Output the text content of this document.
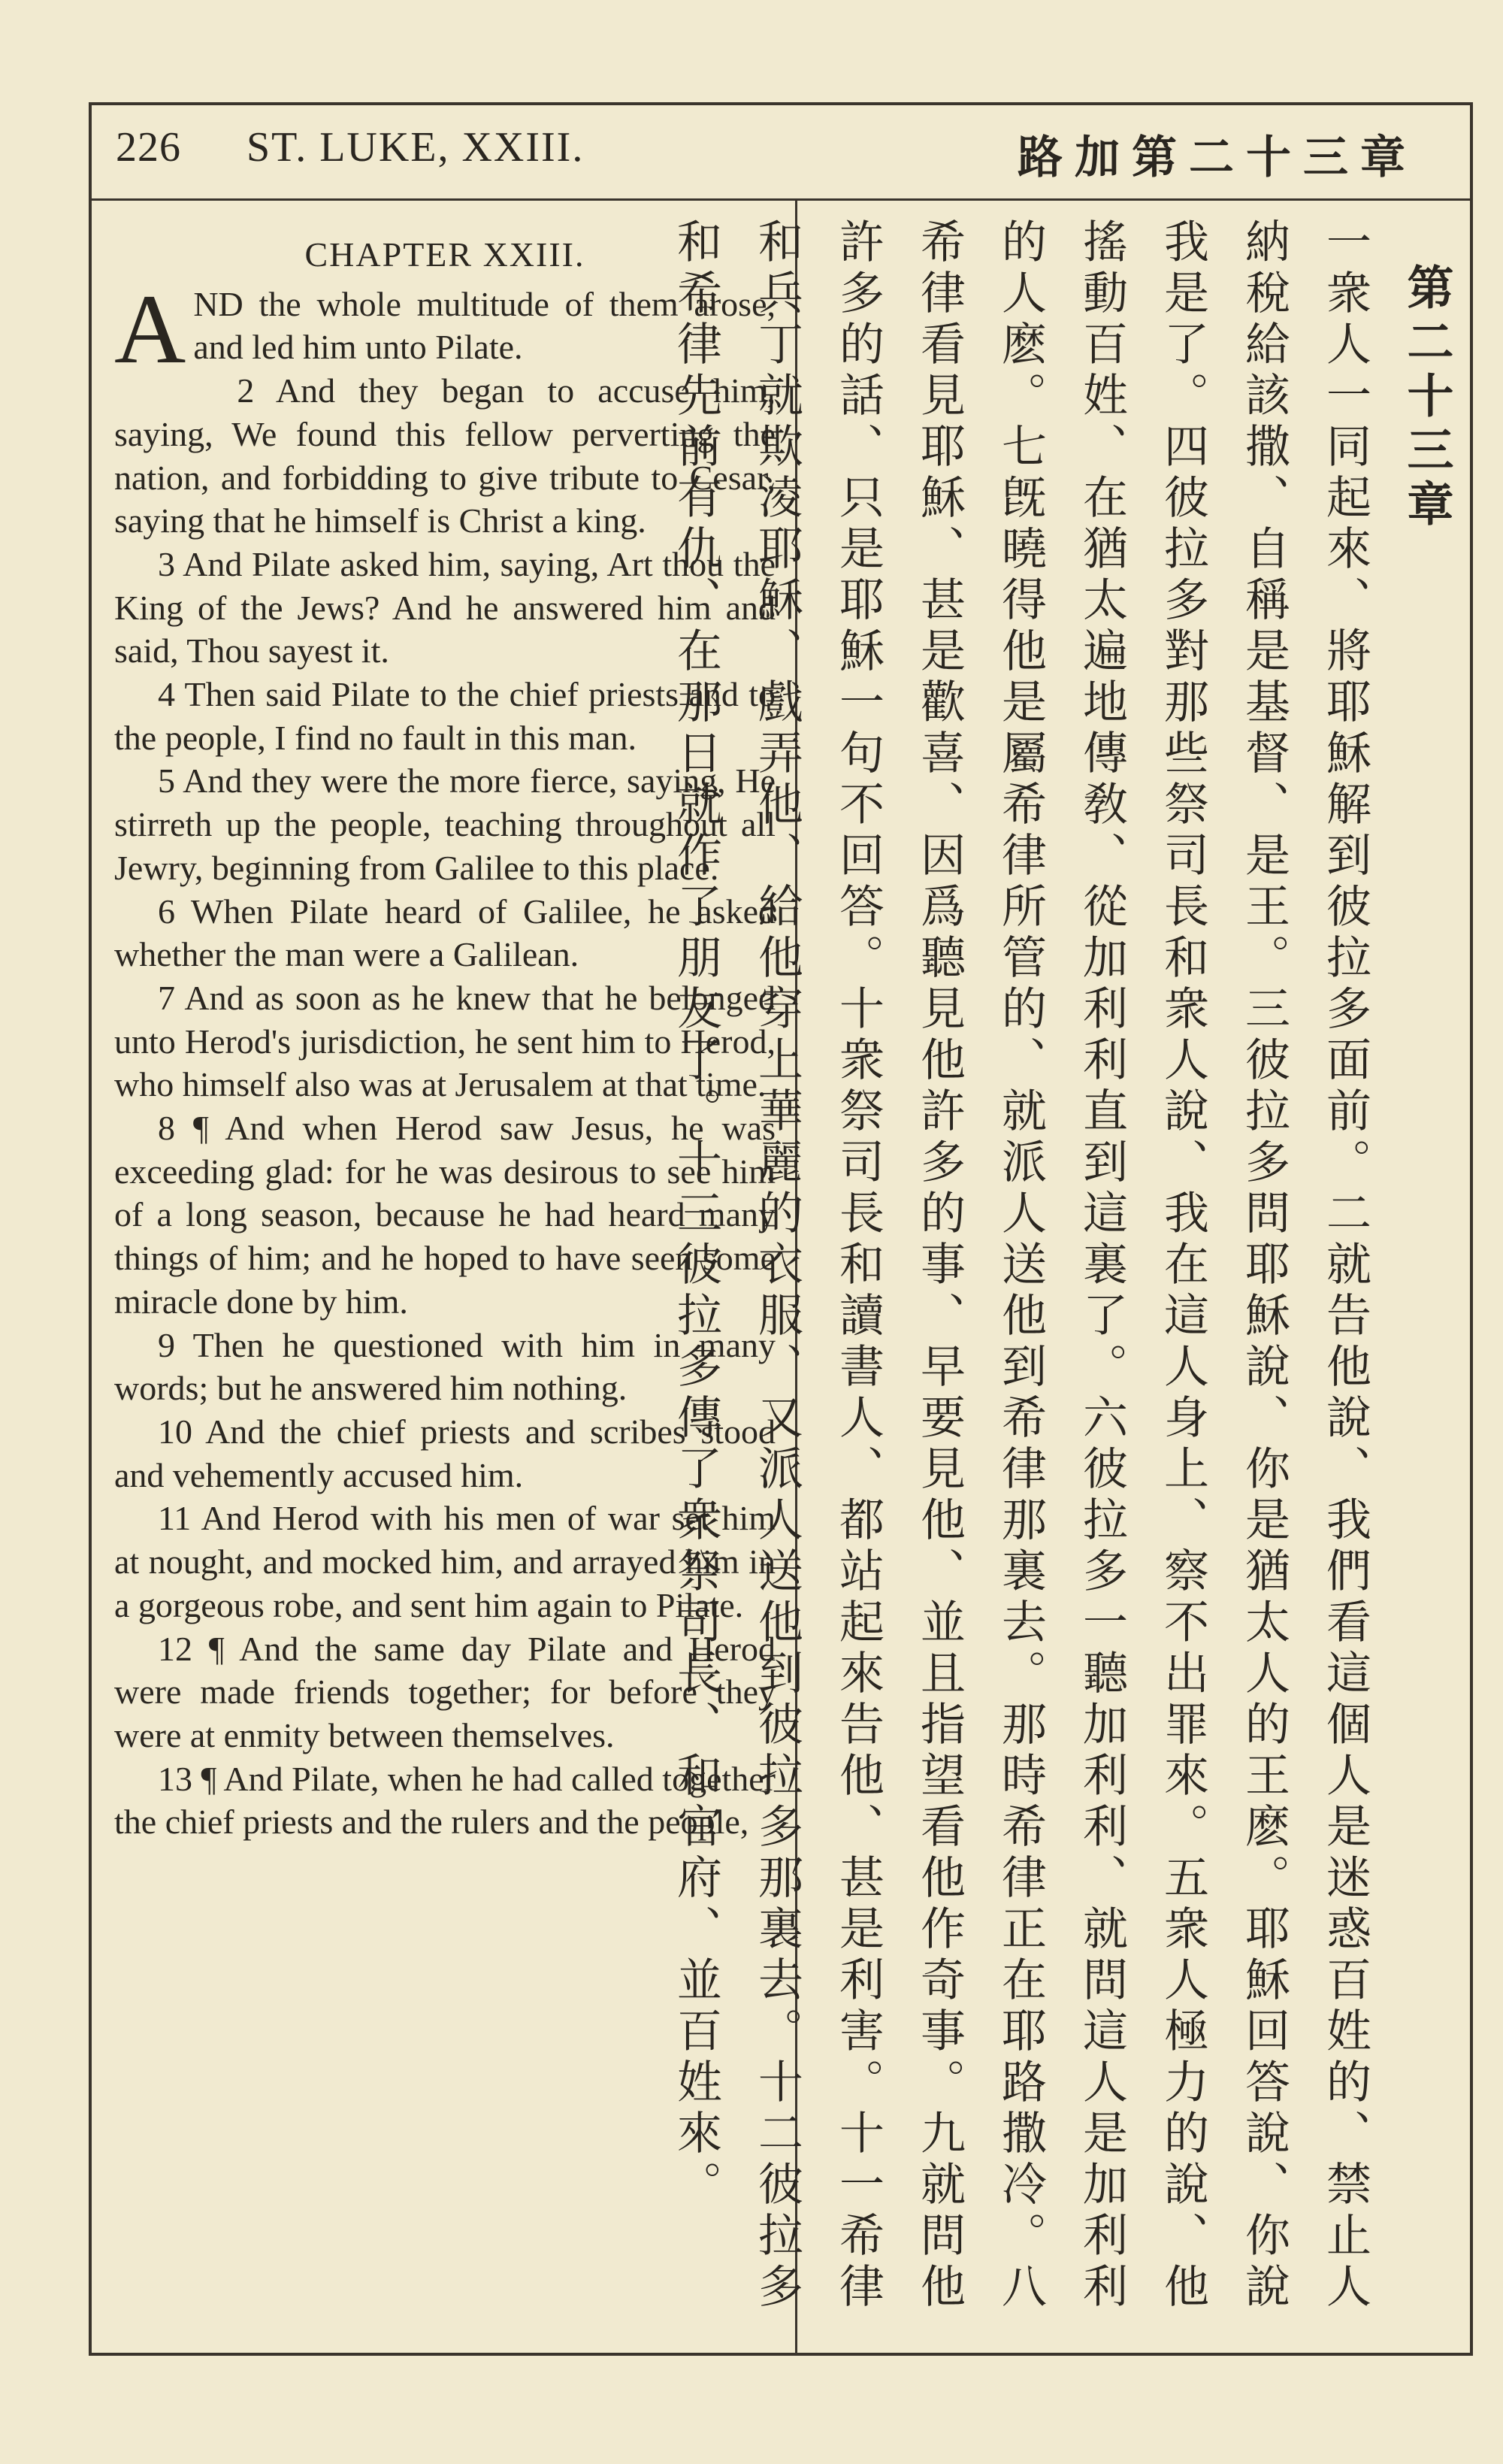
226 ST. LUKE, XXIII.	路加第二十三章

CHAPTER XXIII.

AND the whole multitude of them arose, and led him unto Pilate.

2 And they began to accuse him, saying, We found this fellow perverting the nation, and forbidding to give tribute to Cesar, saying that he himself is Christ a king.

3 And Pilate asked him, saying, Art thou the King of the Jews? And he answered him and said, Thou sayest it.

4 Then said Pilate to the chief priests and to the people, I find no fault in this man.

5 And they were the more fierce, saying, He stirreth up the people, teaching throughout all Jewry, beginning from Galilee to this place.

6 When Pilate heard of Galilee, he asked whether the man were a Galilean.

7 And as soon as he knew that he belonged unto Herod's jurisdiction, he sent him to Herod, who himself also was at Jerusalem at that time.

8 ¶ And when Herod saw Jesus, he was exceeding glad: for he was desirous to see him of a long season, because he had heard many things of him; and he hoped to have seen some miracle done by him.

9 Then he questioned with him in many words; but he answered him nothing.

10 And the chief priests and scribes stood and vehemently accused him.

11 And Herod with his men of war set him at nought, and mocked him, and arrayed him in a gorgeous robe, and sent him again to Pilate.

12 ¶ And the same day Pilate and Herod were made friends together; for before they were at enmity between themselves.

13 ¶ And Pilate, when he had called together the chief priests and the rulers and the people,

第二十三章
一衆人一同起來、將耶穌解到彼拉多面前。二就告他說、我們看這個人是迷惑百姓的、禁止人納稅給該撒、自稱是基督、是王。三彼拉多問耶穌說、你是猶太人的王麽。耶穌回答說、你說我是了。四彼拉多對那些祭司長和衆人說、我在這人身上、察不出罪來。五衆人極力的說、他搖動百姓、在猶太遍地傳敎、從加利利直到這裏了。六彼拉多一聽加利利、就問這人是加利利的人麽。七旣曉得他是屬希律所管的、就派人送他到希律那裏去。那時希律正在耶路撒冷。八希律看見耶穌、甚是歡喜、因爲聽見他許多的事、早要見他、並且指望看他作奇事。九就問他許多的話、只是耶穌一句不回答。十衆祭司長和讀書人、都站起來告他、甚是利害。十一希律和兵丁就欺淩耶穌、戲弄他、給他穿上華麗的衣服、又派人送他到彼拉多那裏去。十二彼拉多和希律先前有仇、在那日就作了朋友了。十三彼拉多傳了衆祭司長、和官府、並百姓來。
